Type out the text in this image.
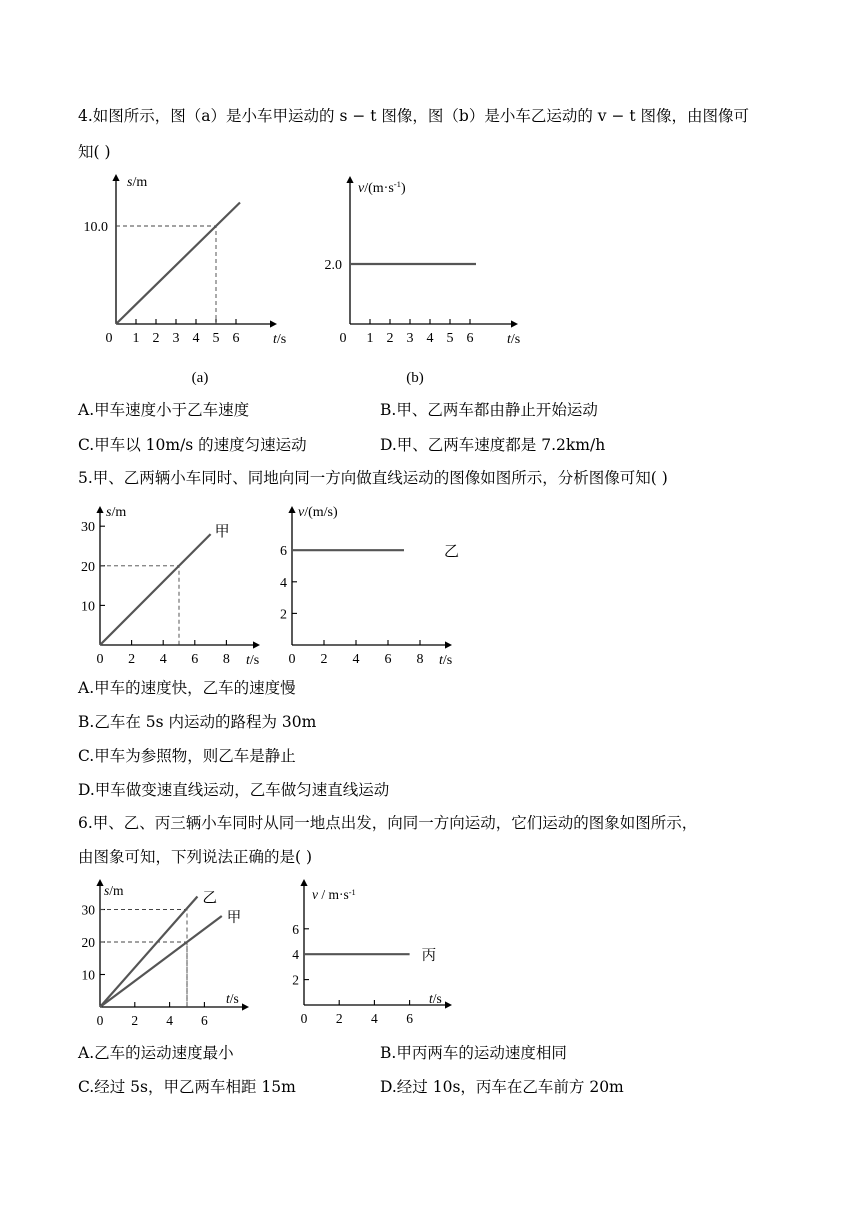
4.如图所示，图（a）是小车甲运动的 s − t 图像，图（b）是小车乙运动的 v − t 图像，由图像可
知( )
(a)
1 2 3 4 5 6
0
10.0
s/m
t/s
(b)
1 2 3 4 5 6
0
2.0
$v/(m\cdot s^{-1})$
t/s
A.甲车速度小于乙车速度	B.甲、乙两车都由静止开始运动
C.甲车以 10m/s 的速度匀速运动	D.甲、乙两车速度都是 7.2km/h
5.甲、乙两辆小车同时、同地向同一方向做直线运动的图像如图所示，分析图像可知( )
0 2 4 6 8
10
20
30	甲
s/m
t/s 0 2 4 6 8
2
4
6	乙
v/(m/s)
t/s
A.甲车的速度快，乙车的速度慢
B.乙车在 5s 内运动的路程为 30m
C.甲车为参照物，则乙车是静止
D.甲车做变速直线运动，乙车做匀速直线运动
6.甲、乙、丙三辆小车同时从同一地点出发，向同一方向运动，它们运动的图象如图所示，
由图象可知，下列说法正确的是( )
0 2 4 6
10
20
30
乙
甲
s/m
t/s
0 2 4 6
2
4
6
丙
$v / m\cdot s^{-1}$
t/s
A.乙车的运动速度最小	B.甲丙两车的运动速度相同
C.经过 5s，甲乙两车相距 15m	D.经过 10s，丙车在乙车前方 20m
